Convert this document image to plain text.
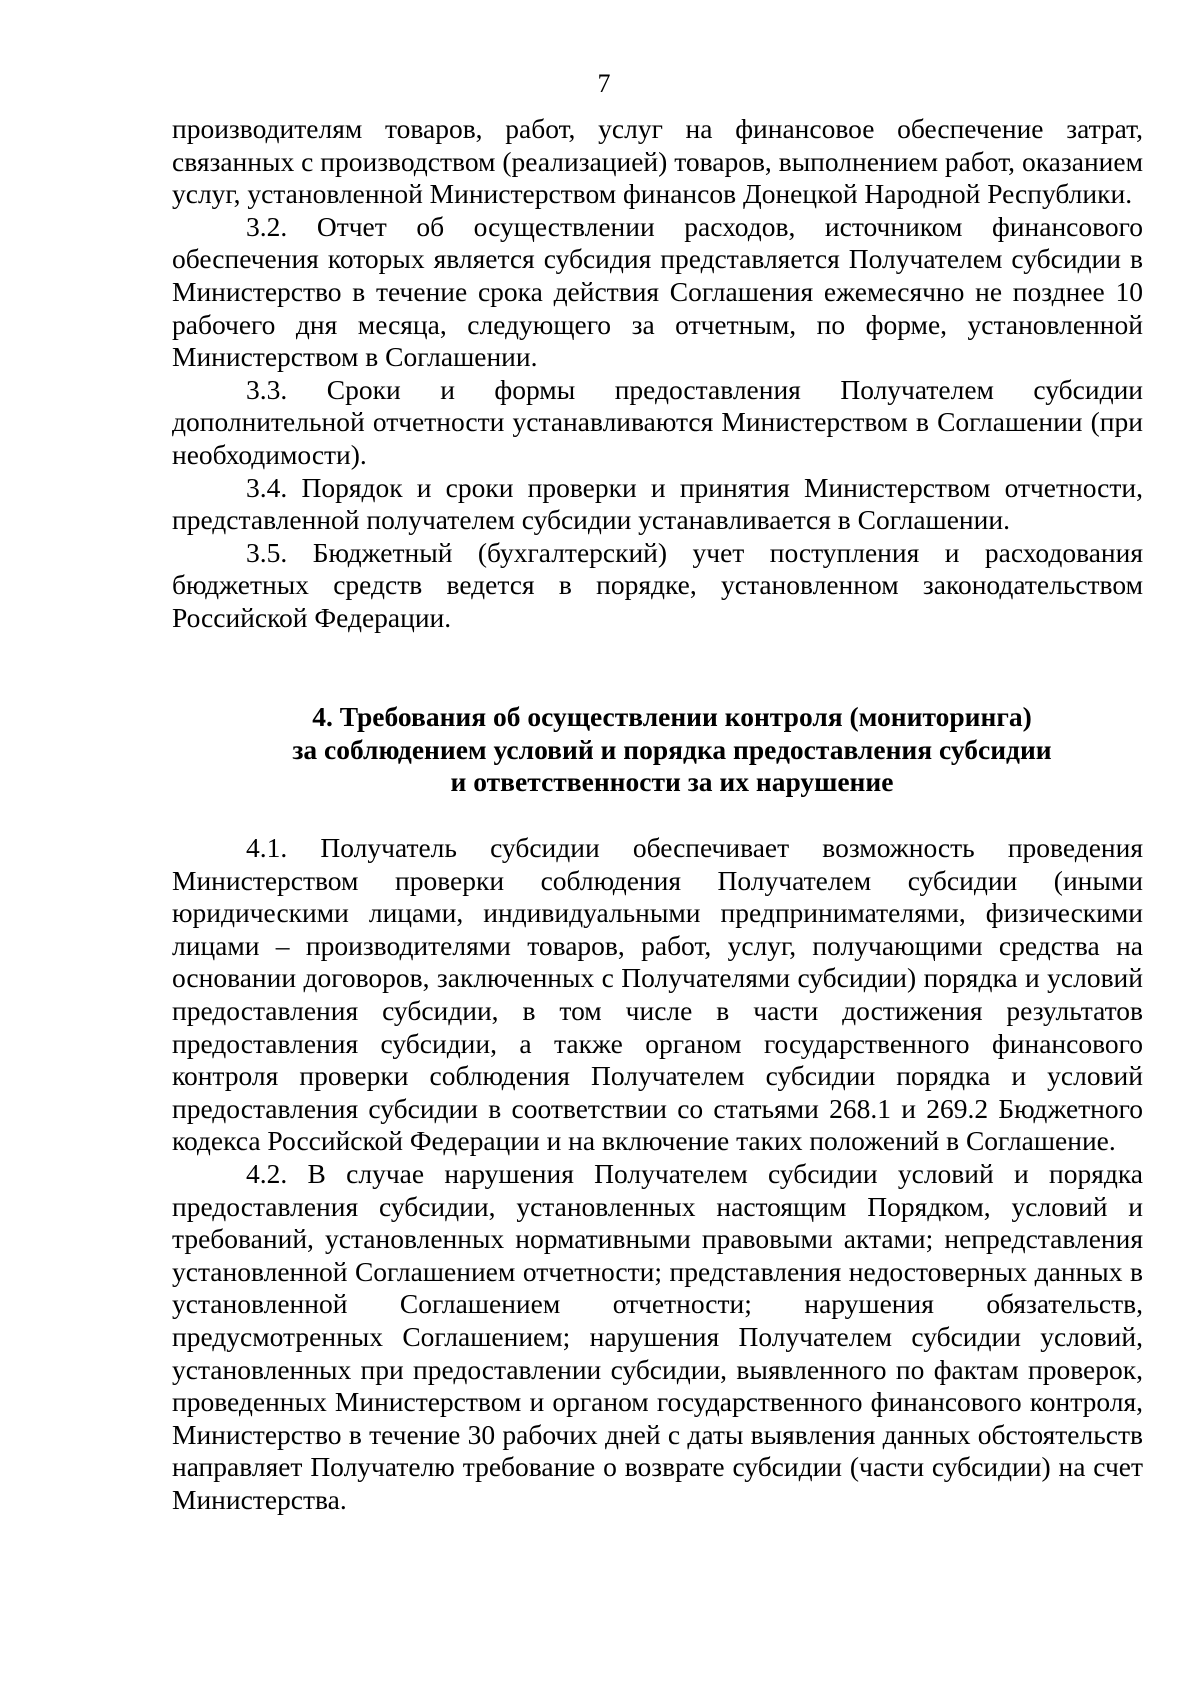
7

производителям товаров, работ, услуг на финансовое обеспечение затрат, связанных с производством (реализацией) товаров, выполнением работ, оказанием услуг, установленной Министерством финансов Донецкой Народной Республики.

3.2. Отчет об осуществлении расходов, источником финансового обеспечения которых является субсидия представляется Получателем субсидии в Министерство в течение срока действия Соглашения ежемесячно не позднее 10 рабочего дня месяца, следующего за отчетным, по форме, установленной Министерством в Соглашении.

3.3. Сроки и формы предоставления Получателем субсидии дополнительной отчетности устанавливаются Министерством в Соглашении (при необходимости).

3.4. Порядок и сроки проверки и принятия Министерством отчетности, представленной получателем субсидии устанавливается в Соглашении.

3.5. Бюджетный (бухгалтерский) учет поступления и расходования бюджетных средств ведется в порядке, установленном законодательством Российской Федерации.

4. Требования об осуществлении контроля (мониторинга)
за соблюдением условий и порядка предоставления субсидии
и ответственности за их нарушение

4.1. Получатель субсидии обеспечивает возможность проведения Министерством проверки соблюдения Получателем субсидии (иными юридическими лицами, индивидуальными предпринимателями, физическими лицами – производителями товаров, работ, услуг, получающими средства на основании договоров, заключенных с Получателями субсидии) порядка и условий предоставления субсидии, в том числе в части достижения результатов предоставления субсидии, а также органом государственного финансового контроля проверки соблюдения Получателем субсидии порядка и условий предоставления субсидии в соответствии со статьями 268.1 и 269.2 Бюджетного кодекса Российской Федерации и на включение таких положений в Соглашение.

4.2. В случае нарушения Получателем субсидии условий и порядка предоставления субсидии, установленных настоящим Порядком, условий и требований, установленных нормативными правовыми актами; непредставления установленной Соглашением отчетности; представления недостоверных данных в установленной Соглашением отчетности; нарушения обязательств, предусмотренных Соглашением; нарушения Получателем субсидии условий, установленных при предоставлении субсидии, выявленного по фактам проверок, проведенных Министерством и органом государственного финансового контроля, Министерство в течение 30 рабочих дней с даты выявления данных обстоятельств направляет Получателю требование о возврате субсидии (части субсидии) на счет Министерства.
